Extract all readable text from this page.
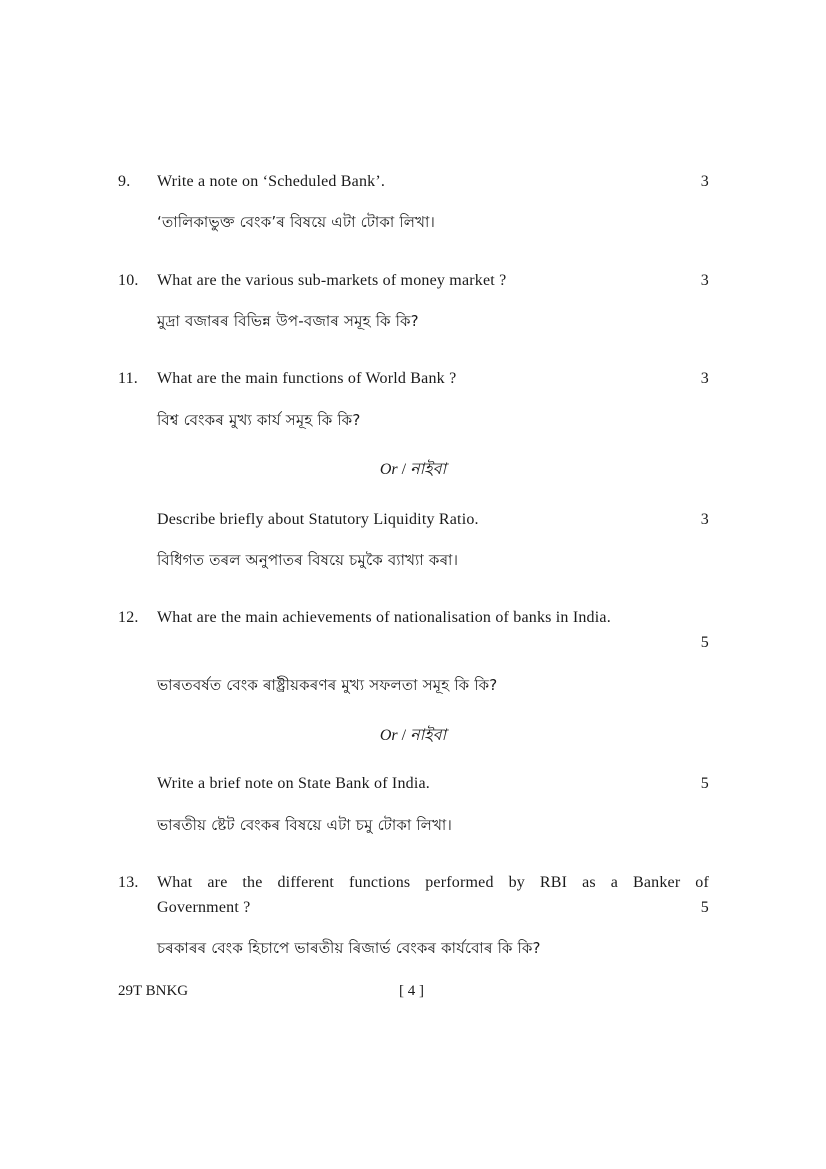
9. Write a note on ‘Scheduled Bank’.	3
‘তালিকাভুক্ত বেংক’ৰ বিষয়ে এটা টোকা লিখা।
10. What are the various sub-markets of money market ?	3
মুদ্ৰা বজাৰৰ বিভিন্ন উপ-বজাৰ সমূহ কি কি?
11. What are the main functions of World Bank ?	3
বিশ্ব বেংকৰ মুখ্য কার্য সমূহ কি কি?
Or / নাইবা
Describe briefly about Statutory Liquidity Ratio.	3
বিধিগত তৰল অনুপাতৰ বিষয়ে চমুকৈ ব্যাখ্যা কৰা।
12. What are the main achievements of nationalisation of banks in India.
5
ভাৰতবর্ষত বেংক ৰাষ্ট্ৰীয়কৰণৰ মুখ্য সফলতা সমূহ কি কি?
Or / নাইবা
Write a brief note on State Bank of India.	5
ভাৰতীয় ষ্টেট বেংকৰ বিষয়ে এটা চমু টোকা লিখা।
13. What are the different functions performed by RBI as a Banker of
Government ?	5
চৰকাৰৰ বেংক হিচাপে ভাৰতীয় ৰিজার্ভ বেংকৰ কার্যবোৰ কি কি?
29T BNKG	[ 4 ]
